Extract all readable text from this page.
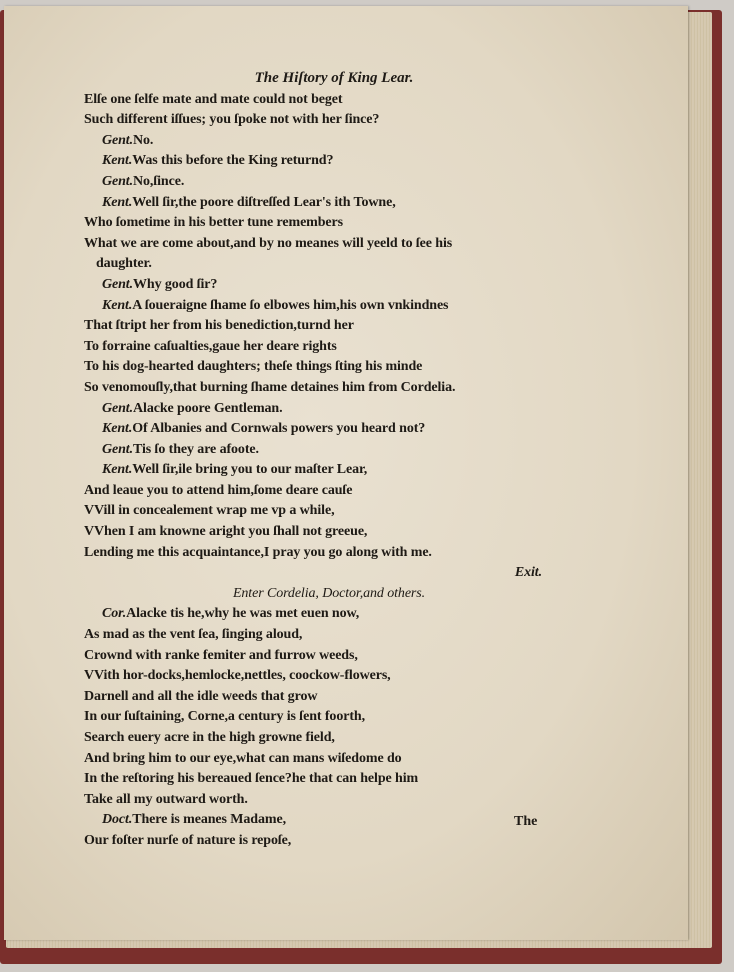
The Hiſtory of King Lear.
Elſe one ſelfe mate and mate could not beget
Such different iſſues; you ſpoke not with her ſince?
Gent.No.
Kent.Was this before the King returnd?
Gent.No,ſince.
Kent.Well ſir,the poore diſtreſſed Lear's ith Towne,
Who ſometime in his better tune remembers
What we are come about,and by no meanes will yeeld to ſee his
daughter.
Gent.Why good ſir?
Kent.A ſoueraigne ſhame ſo elbowes him,his own vnkindnes
That ſtript her from his benediction,turnd her
To forraine caſualties,gaue her deare rights
To his dog-hearted daughters; theſe things ſting his minde
So venomouſly,that burning ſhame detaines him from Cordelia.
Gent.Alacke poore Gentleman.
Kent.Of Albanies and Cornwals powers you heard not?
Gent.Tis ſo they are afoote.
Kent.Well ſir,ile bring you to our maſter Lear,
And leaue you to attend him,ſome deare cauſe
VVill in concealement wrap me vp a while,
VVhen I am knowne aright you ſhall not greeue,
Lending me this acquaintance,I pray you go along with me.
Exit.
Enter Cordelia, Doctor,and others.
Cor.Alacke tis he,why he was met euen now,
As mad as the vent ſea, ſinging aloud,
Crownd with ranke femiter and furrow weeds,
VVith hor-docks,hemlocke,nettles, coockow-flowers,
Darnell and all the idle weeds that grow
In our ſuſtaining, Corne,a century is ſent foorth,
Search euery acre in the high growne field,
And bring him to our eye,what can mans wiſedome do
In the reſtoring his bereaued ſence?he that can helpe him
Take all my outward worth.
Doct.There is meanes Madame,
Our foſter nurſe of nature is repoſe,
The
